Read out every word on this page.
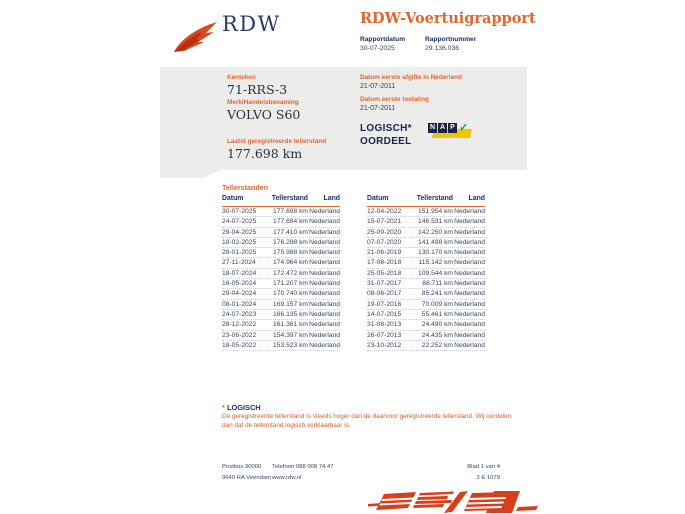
RDW	RDW-Voertuigrapport
Rapportdatum
30-07-2025
Rapportnummer
29.136.036
Kenteken
71-RRS-3
Merk/Handelsbenaming
VOLVO S60
Laatst geregistreerde tellerstand
177.698 km
Datum eerste afgifte in Nederland
21-07-2011
Datum eerste toelating
21-07-2011
LOGISCH*
OORDEEL
N A P ✓
Tellerstanden
Datum	Tellerstand	Land
30-07-2025	177.698 km Nederland
24-07-2025	177.694 km Nederland
29-04-2025	177.410 km Nederland
18-02-2025	176.288 km Nederland
28-01-2025	175.988 km Nederland
27-11-2024	174.964 km Nederland
18-07-2024	172.472 km Nederland
16-05-2024	171.207 km Nederland
29-04-2024	170.740 km Nederland
08-01-2024	169.157 km Nederland
24-07-2023	166.135 km Nederland
28-12-2022	161.361 km Nederland
23-06-2022	154.397 km Nederland
18-05-2022	153.523 km Nederland
Datum	Tellerstand	Land
12-04-2022	151.954 km Nederland
15-07-2021	146.531 km Nederland
25-09-2020	142.250 km Nederland
07-07-2020	141.498 km Nederland
21-06-2019	130.170 km Nederland
17-08-2018	115.142 km Nederland
25-05-2018	109.544 km Nederland
31-07-2017	88.711 km Nederland
08-06-2017	85.241 km Nederland
19-07-2016	70.009 km Nederland
14-07-2015	55.461 km Nederland
31-08-2013	24.490 km Nederland
26-07-2013	24.435 km Nederland
23-10-2012	22.252 km Nederland
* LOGISCH
De geregistreerde tellerstand is steeds hoger dan de daarvoor geregistreerde tellerstand. Wij oordelen dan dat de tellerstand logisch verklaarbaar is.
Postbus 30000
9640 RA Veendam
Telefoon 088 008 74 47
www.rdw.nl
Blad 1 van 4
3 E 1079
